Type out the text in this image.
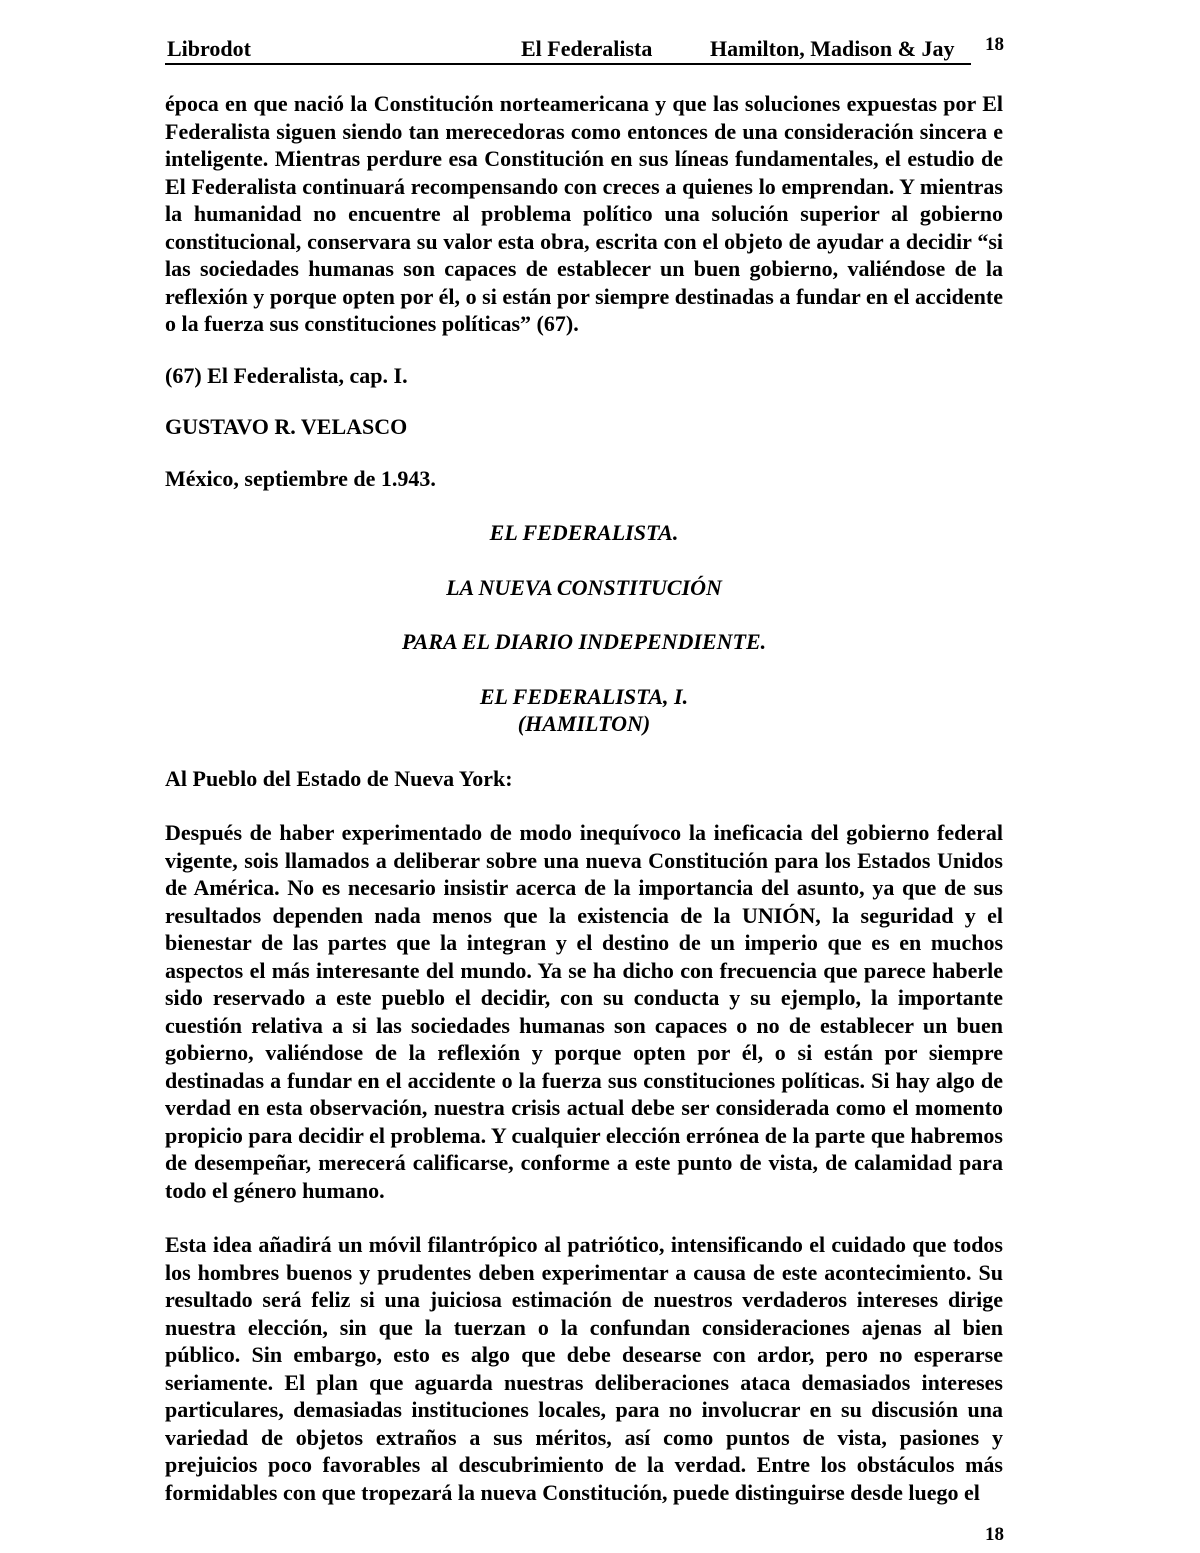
Librodot	El Federalista	Hamilton, Madison & Jay 18

época en que nació la Constitución norteamericana y que las soluciones expuestas por El Federalista siguen siendo tan merecedoras como entonces de una consideración sincera e inteligente. Mientras perdure esa Constitución en sus líneas fundamentales, el estudio de El Federalista continuará recompensando con creces a quienes lo emprendan. Y mientras la humanidad no encuentre al problema político una solución superior al gobierno constitucional, conservara su valor esta obra, escrita con el objeto de ayudar a decidir “si las sociedades humanas son capaces de establecer un buen gobierno, valiéndose de la reflexión y porque opten por él, o si están por siempre destinadas a fundar en el accidente o la fuerza sus constituciones políticas” (67).

(67) El Federalista, cap. I.

GUSTAVO R. VELASCO

México, septiembre de 1.943.

EL FEDERALISTA.
LA NUEVA CONSTITUCIÓN
PARA EL DIARIO INDEPENDIENTE.
EL FEDERALISTA, I.
(HAMILTON)

Al Pueblo del Estado de Nueva York:

Después de haber experimentado de modo inequívoco la ineficacia del gobierno federal vigente, sois llamados a deliberar sobre una nueva Constitución para los Estados Unidos de América. No es necesario insistir acerca de la importancia del asunto, ya que de sus resultados dependen nada menos que la existencia de la UNIÓN, la seguridad y el bienestar de las partes que la integran y el destino de un imperio que es en muchos aspectos el más interesante del mundo. Ya se ha dicho con frecuencia que parece haberle sido reservado a este pueblo el decidir, con su conducta y su ejemplo, la importante cuestión relativa a si las sociedades humanas son capaces o no de establecer un buen gobierno, valiéndose de la reflexión y porque opten por él, o si están por siempre destinadas a fundar en el accidente o la fuerza sus constituciones políticas. Si hay algo de verdad en esta observación, nuestra crisis actual debe ser considerada como el momento propicio para decidir el problema. Y cualquier elección errónea de la parte que habremos de desempeñar, merecerá calificarse, conforme a este punto de vista, de calamidad para todo el género humano.

Esta idea añadirá un móvil filantrópico al patriótico, intensificando el cuidado que todos los hombres buenos y prudentes deben experimentar a causa de este acontecimiento. Su resultado será feliz si una juiciosa estimación de nuestros verdaderos intereses dirige nuestra elección, sin que la tuerzan o la confundan consideraciones ajenas al bien público. Sin embargo, esto es algo que debe desearse con ardor, pero no esperarse seriamente. El plan que aguarda nuestras deliberaciones ataca demasiados intereses particulares, demasiadas instituciones locales, para no involucrar en su discusión una variedad de objetos extraños a sus méritos, así como puntos de vista, pasiones y prejuicios poco favorables al descubrimiento de la verdad. Entre los obstáculos más formidables con que tropezará la nueva Constitución, puede distinguirse desde luego el

18
